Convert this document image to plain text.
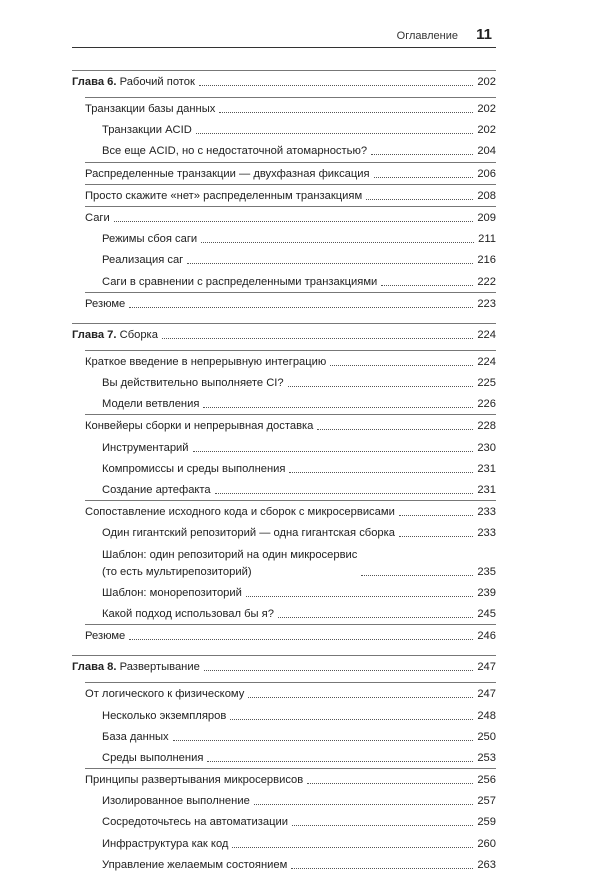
Оглавление 11
Глава 6. Рабочий поток	202
Транзакции базы данных	202
Транзакции ACID	202
Все еще ACID, но с недостаточной атомарностью?	204
Распределенные транзакции — двухфазная фиксация	206
Просто скажите «нет» распределенным транзакциям	208
Саги	209
Режимы сбоя саги	211
Реализация саг	216
Саги в сравнении с распределенными транзакциями	222
Резюме	223
Глава 7. Сборка	224
Краткое введение в непрерывную интеграцию	224
Вы действительно выполняете CI?	225
Модели ветвления	226
Конвейеры сборки и непрерывная доставка	228
Инструментарий	230
Компромиссы и среды выполнения	231
Создание артефакта	231
Сопоставление исходного кода и сборок с микросервисами	233
Один гигантский репозиторий — одна гигантская сборка	233
Шаблон: один репозиторий на один микросервис
(то есть мультирепозиторий)	235
Шаблон: монорепозиторий	239
Какой подход использовал бы я?	245
Резюме	246
Глава 8. Развертывание	247
От логического к физическому	247
Несколько экземпляров	248
База данных	250
Среды выполнения	253
Принципы развертывания микросервисов	256
Изолированное выполнение	257
Сосредоточьтесь на автоматизации	259
Инфраструктура как код	260
Управление желаемым состоянием	263
